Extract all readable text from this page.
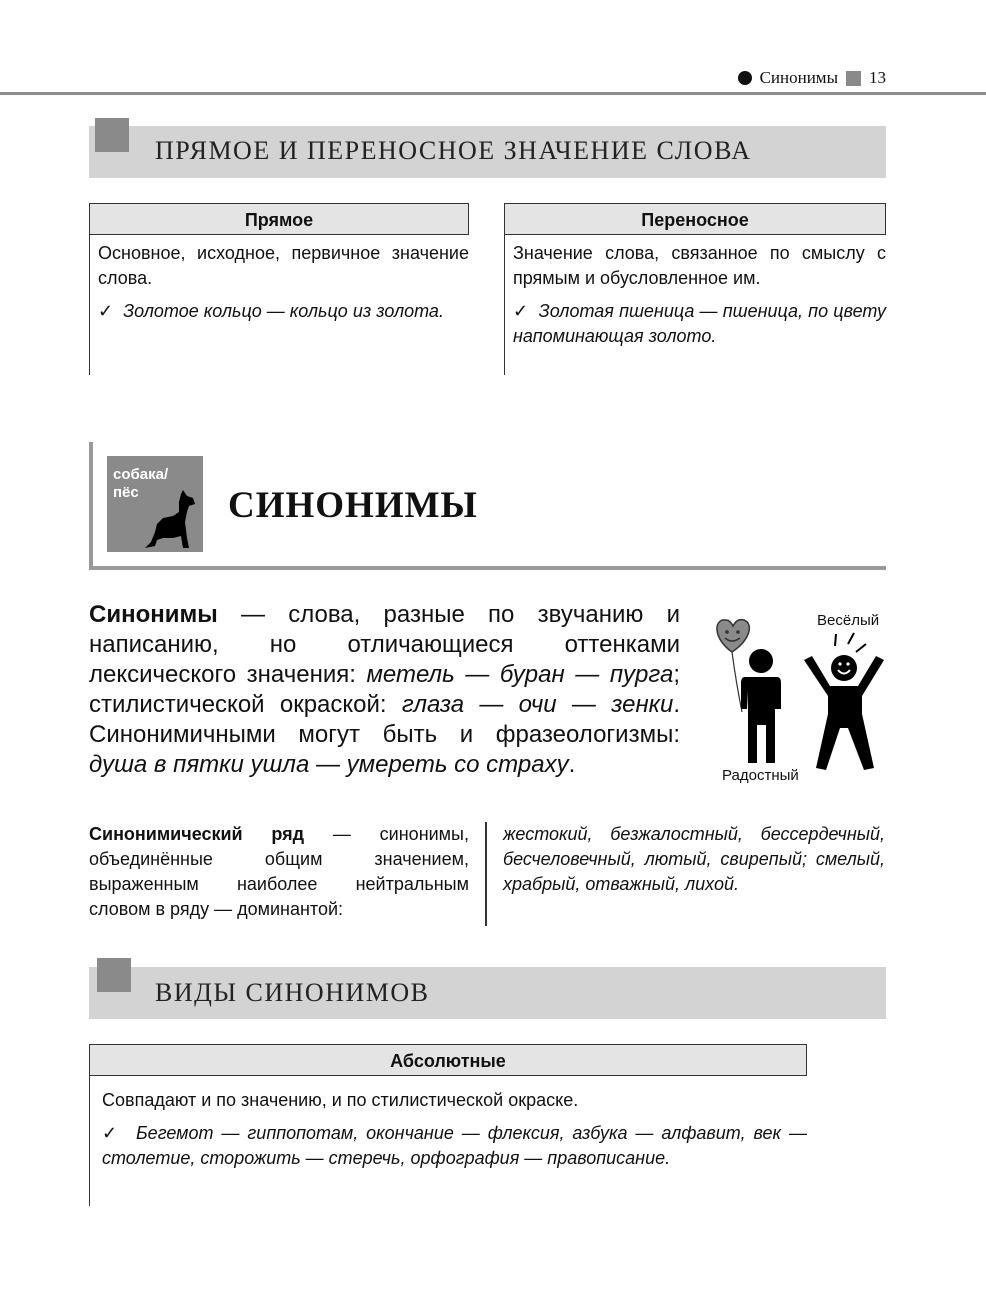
Синонимы 13
ПРЯМОЕ И ПЕРЕНОСНОЕ ЗНАЧЕНИЕ СЛОВА
Прямое

Основное, исходное, первичное значение слова.

✓ Золотое кольцо — кольцо из золота.

Переносное

Значение слова, связанное по смыслу с прямым и обусловленное им.

✓ Золотая пшеница — пшеница, по цвету напоминающая золото.

собака/ пёс	СИНОНИМЫ
Синонимы — слова, разные по звучанию и написанию, но отличающиеся оттенками лексического значения: метель — буран — пурга; стилистической окраской: глаза — очи — зенки. Синонимичными могут быть и фразеологизмы: душа в пятки ушла — умереть со страху.
Весёлый
Радостный
Синонимический ряд — синонимы, объединённые общим значением, выраженным наиболее нейтральным словом в ряду — доминантой:
жестокий, безжалостный, бессердечный, бесчеловечный, лютый, свирепый; смелый, храбрый, отважный, лихой.
ВИДЫ СИНОНИМОВ
Абсолютные

Совпадают и по значению, и по стилистической окраске.

✓ Бегемот — гиппопотам, окончание — флексия, азбука — алфавит, век — столетие, сторожить — стеречь, орфография — правописание.
